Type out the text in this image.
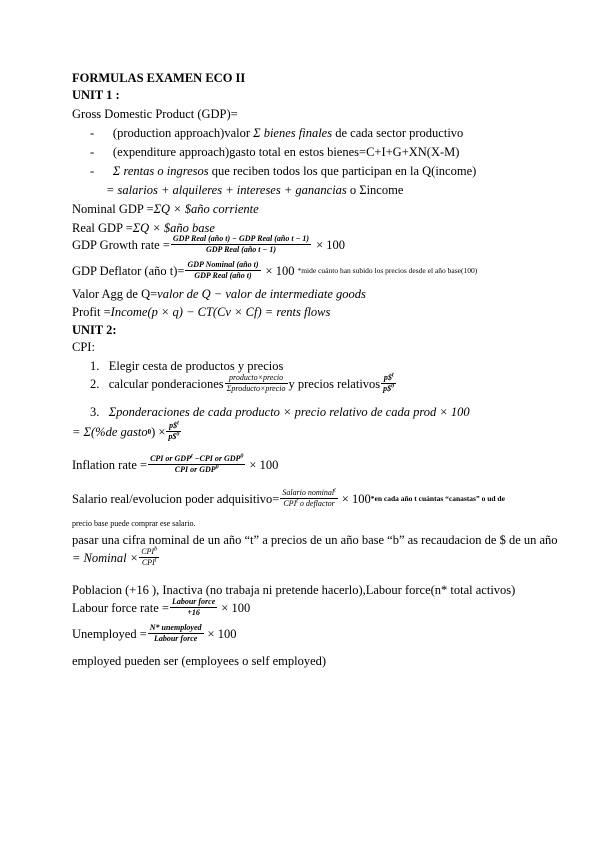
FORMULAS EXAMEN ECO II
UNIT 1 :
Gross Domestic Product (GDP)=
- (production approach)valor Σ bienes finales de cada sector productivo
- (expenditure approach)gasto total en estos bienes=C+I+G+XN(X-M)
- Σ rentas o ingresos que reciben todos los que participan en la Q(income)
= salarios + alquileres + intereses + ganancias o Σincome
Nominal GDP =ΣQ × $año corriente
Real GDP =ΣQ × $año base
GDP Growth rate = $\frac{\text{GDP Real (año t) − GDP Real (año t − 1)}}{\text{GDP Real (año t − 1)}} \times 100$
GDP Deflator (año $t)= \frac{\text{GDP Nominal (año t)}}{\text{GDP Real (año t)}} \times 100$ *mide cuánto han subido los precios desde el año base(100)
Valor Agg de Q=valor de Q − valor de intermediate goods
Profit =Income(p × q) − CT(Cv × Cf) = rents flows
UNIT 2:
CPI:
1. Elegir cesta de productos y precios
2.
calcular ponderaciones $\frac{\text{producto×precio}}{\text{Σproducto×precio}}$ y precios relativos $\frac{p\$^t}{p\$^0}$
3. Σponderaciones de cada producto × precio relativo de cada prod × 100
= Σ(%de gasto 0 ) × $\frac{p\$^t}{p\$^0}$
Inflation rate = $\frac{CPI or GDP^t -CPI or GDP^0}{CPI or GDP^0} \times 100$
Salario real/evolucion poder adquisitivo= $\frac{Salario nominal^t}{CPI^t o deflactor} \times 100$ *en cada año t cuántas “canastas” o ud de
precio base puede comprar ese salario.
pasar una cifra nominal de un año “t” a precios de un año base “b” as recaudacion de $ de un año
= Nominal × $\frac{CPI^b}{CPI^t}$
Poblacion (+16 ), Inactiva (no trabaja ni pretende hacerlo),Labour force(n* total activos)
Labour force rate = $\frac{\text{Labour force}}{+16} \times 100$
Unemployed = $\frac{\text{N* unemployed}}{\text{Labour force}} \times 100$
employed pueden ser (employees o self employed)
